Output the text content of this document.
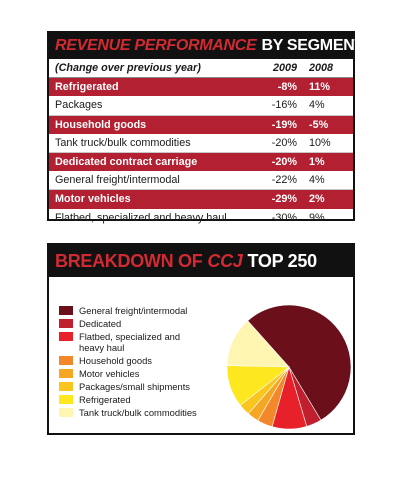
REVENUE PERFORMANCE BY SEGMENT
(Change over previous year)	2009	2008
Refrigerated	-8%	11%
Packages	-16%	4%
Household goods	-19%	-5%
Tank truck/bulk commodities	-20%	10%
Dedicated contract carriage	-20%	1%
General freight/intermodal	-22%	4%
Motor vehicles	-29%	2%
Flatbed, specialized and heavy haul	-30%	9%
BREAKDOWN OF CCJ TOP 250
General freight/intermodal
Dedicated
Flatbed, specialized and heavy haul
Household goods
Motor vehicles
Packages/small shipments
Refrigerated
Tank truck/bulk commodities
